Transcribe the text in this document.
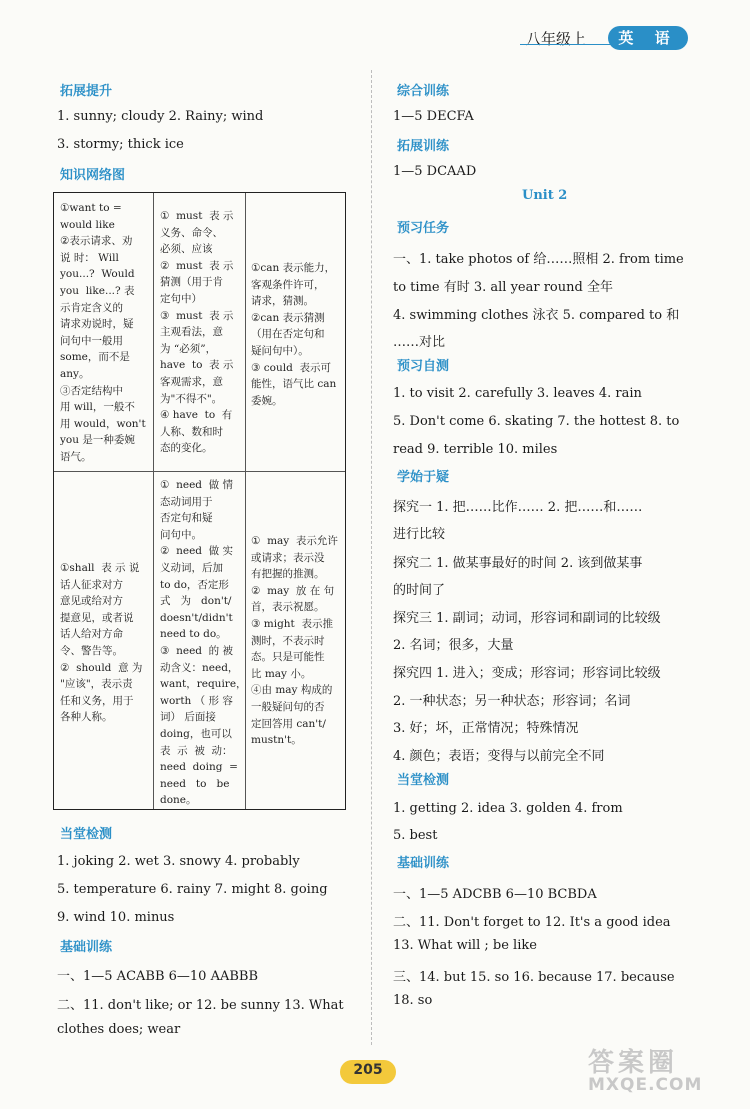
八年级上	英 语
拓展提升
1. sunny; cloudy 2. Rainy; wind
3. stormy; thick ice
知识网络图
①want to =
would like
②表示请求、劝
说 时： Will
you...?  Would
you  like...? 表
示肯定含义的
请求劝说时，疑
问句中一般用
some，而不是
any。
③否定结构中
用 will，一般不
用 would，won't
you 是一种委婉
语气。
①  must  表 示
义务、命令、
必须、应该
②  must  表 示
猜测（用于肯
定句中）
③  must  表 示
主观看法，意
为 “必须”，
have  to  表 示
客观需求，意
为"不得不"。
④ have  to  有
人称、数和时
态的变化。
①can 表示能力，
客观条件许可，
请求，猜测。
②can 表示猜测
（用在否定句和
疑问句中）。
③ could  表示可
能性，语气比 can
委婉。
①shall  表 示 说
话人征求对方
意见或给对方
提意见，或者说
话人给对方命
令、警告等。
②  should  意 为
"应该"，表示责
任和义务，用于
各种人称。
①  need  做 情
态动词用于
否定句和疑
问句中。
②  need  做 实
义动词，后加
to do，否定形
式   为   don't/
doesn't/didn't
need to do。
③  need  的 被
动含义：need，
want，require，
worth （ 形 容
词） 后面接
doing，也可以
表  示  被  动：
need  doing  =
need   to   be
done。
①  may  表示允许
或请求；表示没
有把握的推测。
②  may  放 在 句
首，表示祝愿。
③ might  表示推
测时，不表示时
态。只是可能性
比 may 小。
④由 may 构成的
一般疑问句的否
定回答用 can't/
mustn't。
当堂检测
1. joking 2. wet 3. snowy 4. probably
5. temperature 6. rainy 7. might 8. going
9. wind 10. minus
基础训练
一、1—5 ACABB 6—10 AABBB
二、11. don't like; or 12. be sunny 13. What
clothes does; wear
综合训练
1—5 DECFA
拓展训练
1—5 DCAAD
Unit 2
预习任务
一、1. take photos of 给……照相 2. from time
to time 有时 3. all year round 全年
4. swimming clothes 泳衣 5. compared to 和
……对比
预习自测
1. to visit 2. carefully 3. leaves 4. rain
5. Don't come 6. skating 7. the hottest 8. to
read 9. terrible 10. miles
学始于疑
探究一 1. 把……比作…… 2. 把……和……
进行比较
探究二 1. 做某事最好的时间 2. 该到做某事
的时间了
探究三 1. 副词；动词，形容词和副词的比较级
2. 名词；很多，大量
探究四 1. 进入；变成；形容词；形容词比较级
2. 一种状态；另一种状态；形容词；名词
3. 好；坏，正常情况；特殊情况
4. 颜色；表语；变得与以前完全不同
当堂检测
1. getting 2. idea 3. golden 4. from
5. best
基础训练
一、1—5 ADCBB 6—10 BCBDA
二、11. Don't forget to 12. It's a good idea
13. What will ; be like
三、14. but 15. so 16. because 17. because
18. so
205	答案圈
MXQE.COM
